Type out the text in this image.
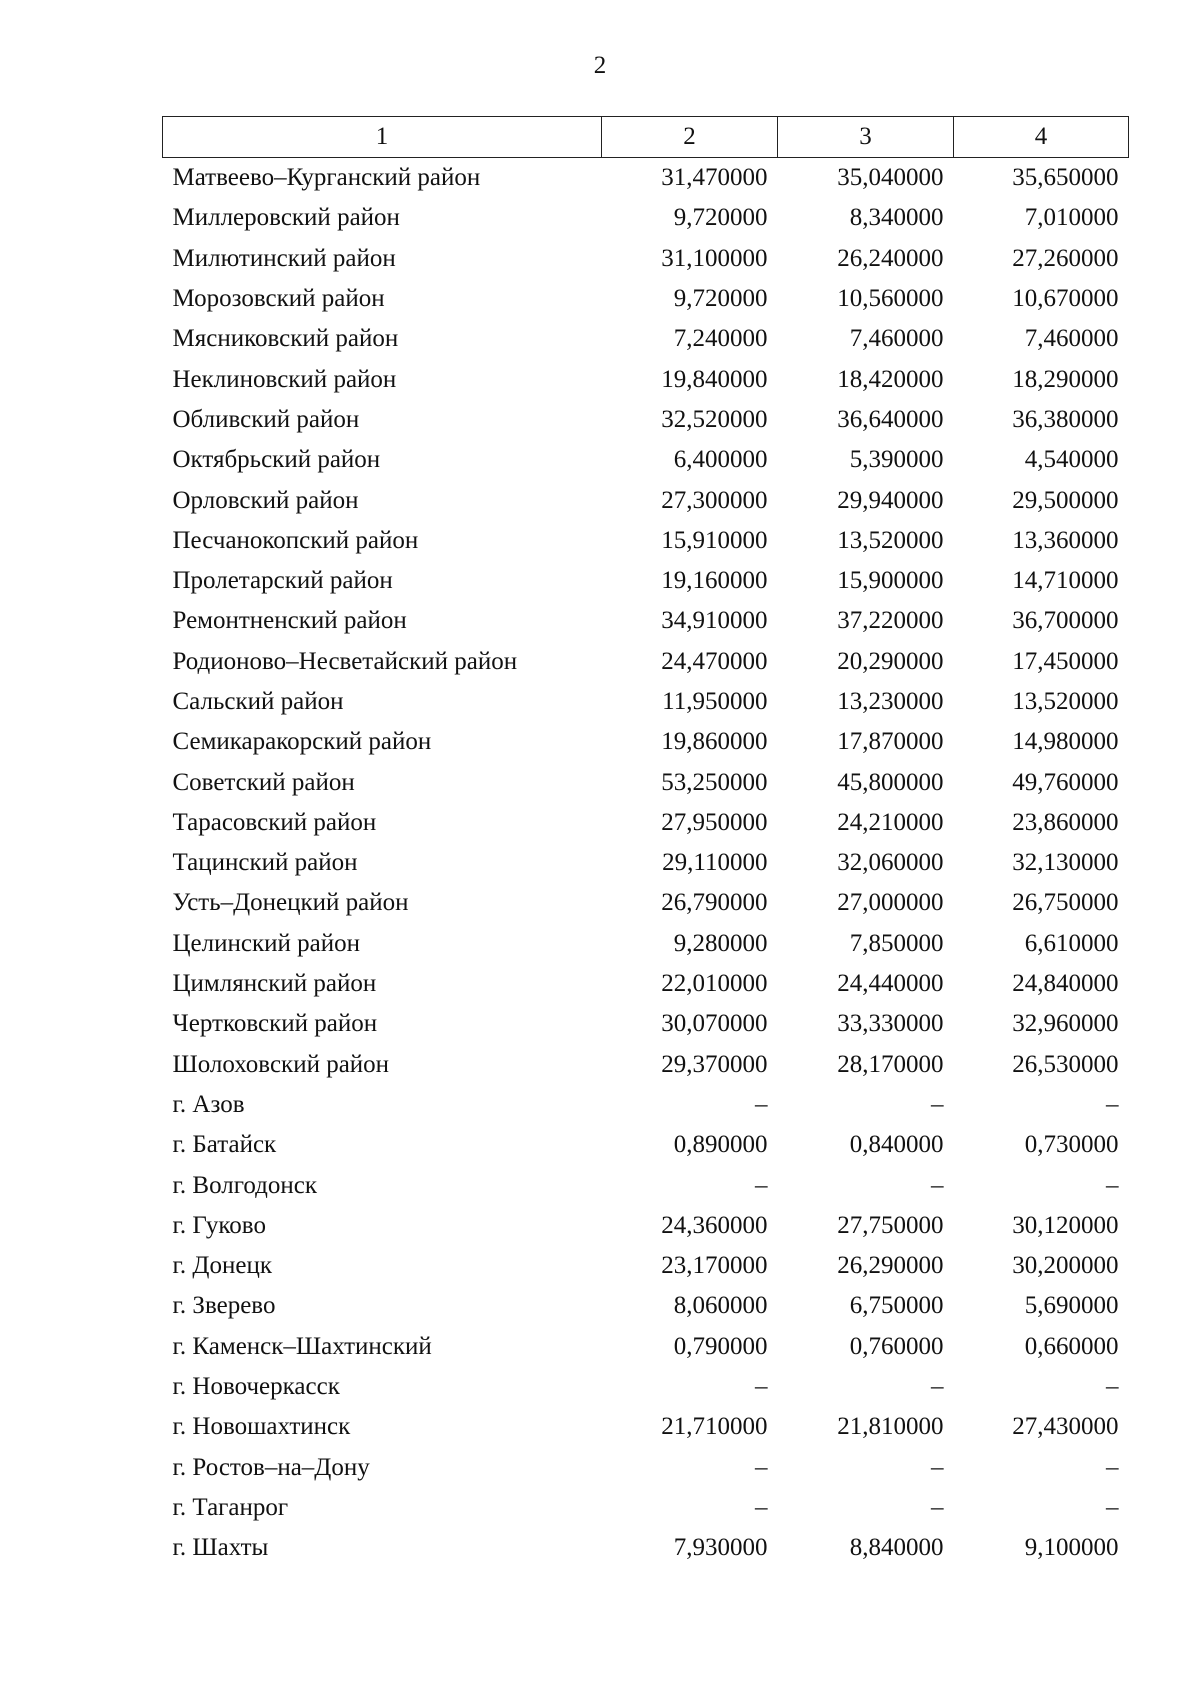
2
1	2	3	4
Матвеево–Курганский район	31,470000	35,040000	35,650000
Миллеровский район	9,720000	8,340000	7,010000
Милютинский район	31,100000	26,240000	27,260000
Морозовский район	9,720000	10,560000	10,670000
Мясниковский район	7,240000	7,460000	7,460000
Неклиновский район	19,840000	18,420000	18,290000
Обливский район	32,520000	36,640000	36,380000
Октябрьский район	6,400000	5,390000	4,540000
Орловский район	27,300000	29,940000	29,500000
Песчанокопский район	15,910000	13,520000	13,360000
Пролетарский район	19,160000	15,900000	14,710000
Ремонтненский район	34,910000	37,220000	36,700000
Родионово–Несветайский район	24,470000	20,290000	17,450000
Сальский район	11,950000	13,230000	13,520000
Семикаракорский район	19,860000	17,870000	14,980000
Советский район	53,250000	45,800000	49,760000
Тарасовский район	27,950000	24,210000	23,860000
Тацинский район	29,110000	32,060000	32,130000
Усть–Донецкий район	26,790000	27,000000	26,750000
Целинский район	9,280000	7,850000	6,610000
Цимлянский район	22,010000	24,440000	24,840000
Чертковский район	30,070000	33,330000	32,960000
Шолоховский район	29,370000	28,170000	26,530000
г. Азов	–	–	–
г. Батайск	0,890000	0,840000	0,730000
г. Волгодонск	–	–	–
г. Гуково	24,360000	27,750000	30,120000
г. Донецк	23,170000	26,290000	30,200000
г. Зверево	8,060000	6,750000	5,690000
г. Каменск–Шахтинский	0,790000	0,760000	0,660000
г. Новочеркасск	–	–	–
г. Новошахтинск	21,710000	21,810000	27,430000
г. Ростов–на–Дону	–	–	–
г. Таганрог	–	–	–
г. Шахты	7,930000	8,840000	9,100000
